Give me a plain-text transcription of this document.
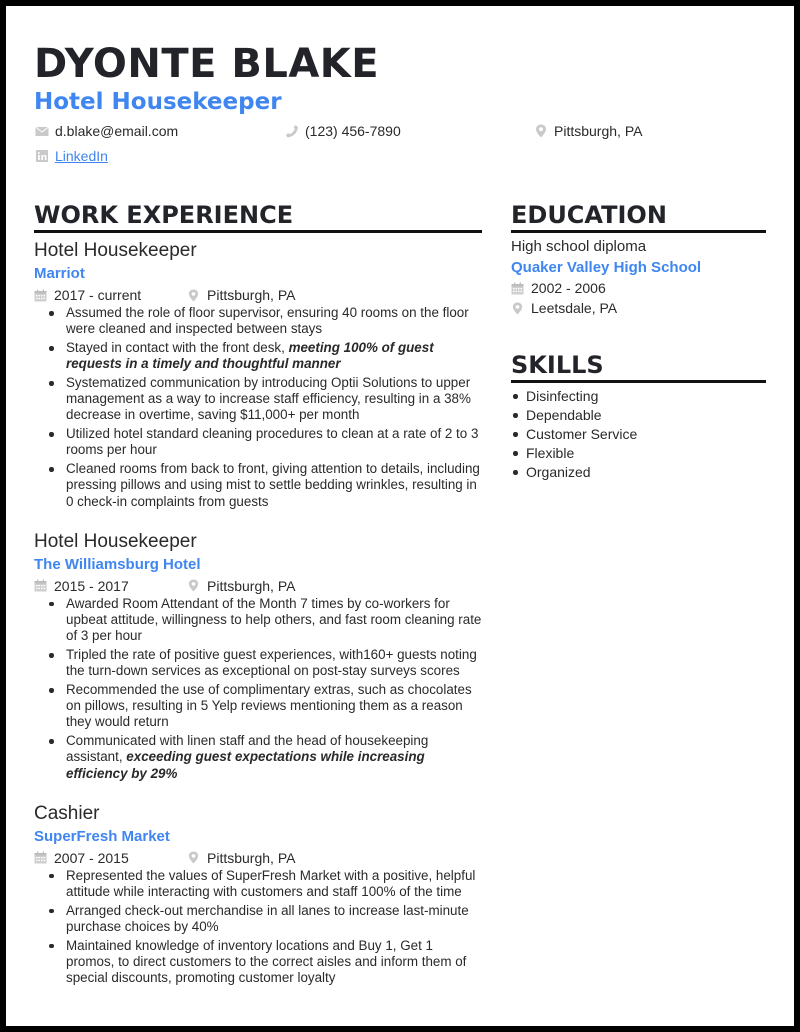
DYONTE BLAKE
Hotel Housekeeper
d.blake@email.com	(123) 456-7890	Pittsburgh, PA
LinkedIn
WORK EXPERIENCE

Hotel Housekeeper

Marriot

2017 - current	Pittsburgh, PA
Assumed the role of floor supervisor, ensuring 40 rooms on the floor were cleaned and inspected between stays
Stayed in contact with the front desk, meeting 100% of guest requests in a timely and thoughtful manner
Systematized communication by introducing Optii Solutions to upper management as a way to increase staff efficiency, resulting in a 38% decrease in overtime, saving $11,000+ per month
Utilized hotel standard cleaning procedures to clean at a rate of 2 to 3 rooms per hour
Cleaned rooms from back to front, giving attention to details, including pressing pillows and using mist to settle bedding wrinkles, resulting in 0 check-in complaints from guests

Hotel Housekeeper

The Williamsburg Hotel

2015 - 2017	Pittsburgh, PA
Awarded Room Attendant of the Month 7 times by co-workers for upbeat attitude, willingness to help others, and fast room cleaning rate of 3 per hour
Tripled the rate of positive guest experiences, with160+ guests noting the turn-down services as exceptional on post-stay surveys scores
Recommended the use of complimentary extras, such as chocolates on pillows, resulting in 5 Yelp reviews mentioning them as a reason they would return
Communicated with linen staff and the head of housekeeping assistant, exceeding guest expectations while increasing efficiency by 29%

Cashier

SuperFresh Market

2007 - 2015	Pittsburgh, PA
Represented the values of SuperFresh Market with a positive, helpful attitude while interacting with customers and staff 100% of the time
Arranged check-out merchandise in all lanes to increase last-minute purchase choices by 40%
Maintained knowledge of inventory locations and Buy 1, Get 1 promos, to direct customers to the correct aisles and inform them of special discounts, promoting customer loyalty
EDUCATION

High school diploma

Quaker Valley High School

2002 - 2006
Leetsdale, PA
SKILLS
Disinfecting
Dependable
Customer Service
Flexible
Organized
